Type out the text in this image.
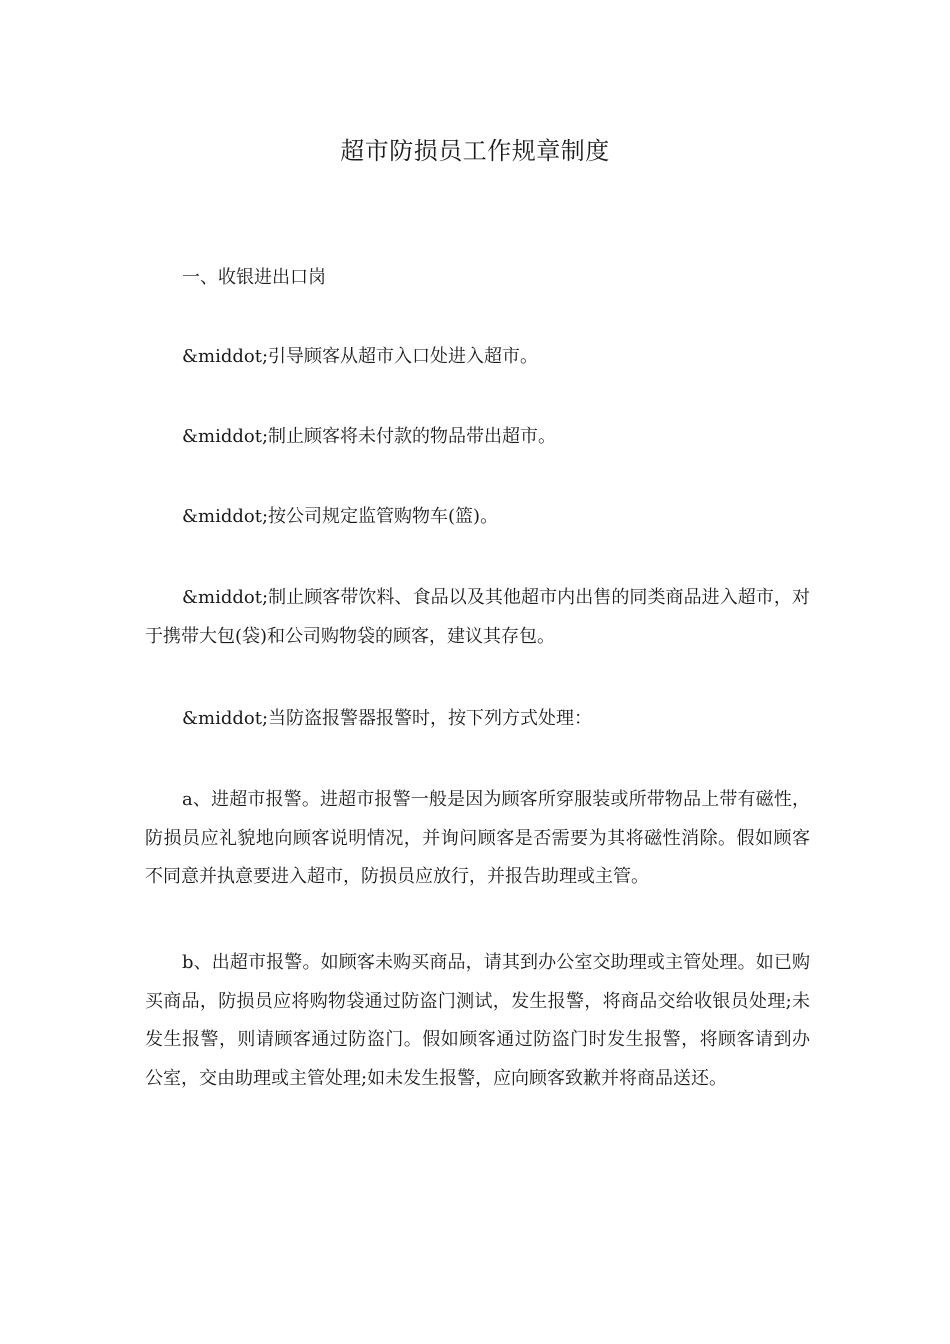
超市防损员工作规章制度

一、收银进出口岗

&middot;引导顾客从超市入口处进入超市。

&middot;制止顾客将未付款的物品带出超市。

&middot;按公司规定监管购物车(篮)。

&middot;制止顾客带饮料、食品以及其他超市内出售的同类商品进入超市，对于携带大包(袋)和公司购物袋的顾客，建议其存包。

&middot;当防盗报警器报警时，按下列方式处理：

a、进超市报警。进超市报警一般是因为顾客所穿服装或所带物品上带有磁性，防损员应礼貌地向顾客说明情况，并询问顾客是否需要为其将磁性消除。假如顾客不同意并执意要进入超市，防损员应放行，并报告助理或主管。

b、出超市报警。如顾客未购买商品，请其到办公室交助理或主管处理。如已购买商品，防损员应将购物袋通过防盗门测试，发生报警，将商品交给收银员处理;未发生报警，则请顾客通过防盗门。假如顾客通过防盗门时发生报警，将顾客请到办公室，交由助理或主管处理;如未发生报警，应向顾客致歉并将商品送还。
